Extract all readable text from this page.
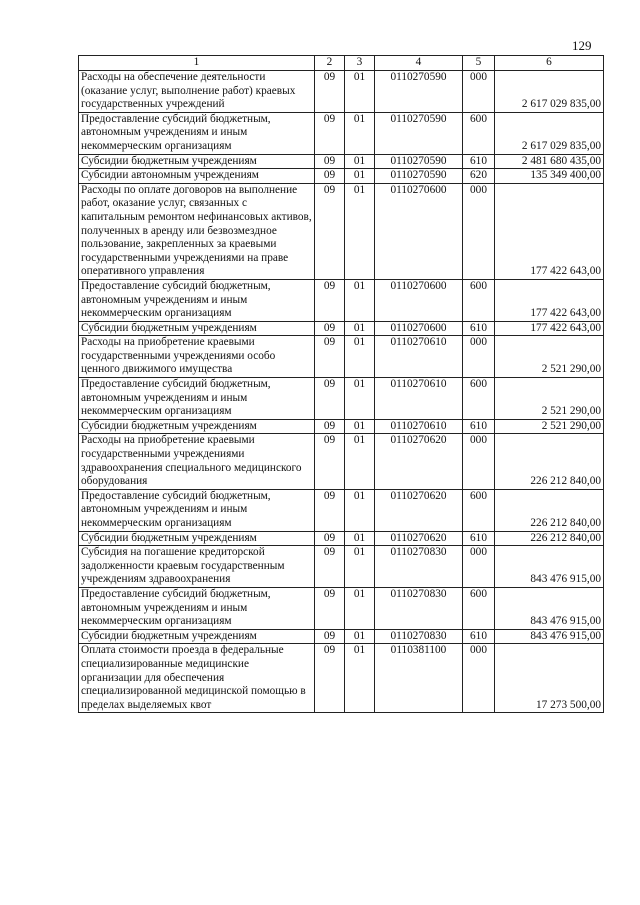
129
1	2	3	4	5	6
Расходы на обеспечение деятельности (оказание услуг, выполнение работ) краевых государственных учреждений	09	01	0110270590	000	2 617 029 835,00
Предоставление субсидий бюджетным, автономным учреждениям и иным некоммерческим организациям	09	01	0110270590	600	2 617 029 835,00
Субсидии бюджетным учреждениям	09	01	0110270590	610	2 481 680 435,00
Субсидии автономным учреждениям	09	01	0110270590	620	135 349 400,00
Расходы по оплате договоров на выполнение работ, оказание услуг, связанных с капитальным ремонтом нефинансовых активов, полученных в аренду или безвозмездное пользование, закрепленных за краевыми государственными учреждениями на праве оперативного управления	09	01	0110270600	000	177 422 643,00
Предоставление субсидий бюджетным, автономным учреждениям и иным некоммерческим организациям	09	01	0110270600	600	177 422 643,00
Субсидии бюджетным учреждениям	09	01	0110270600	610	177 422 643,00
Расходы на приобретение краевыми государственными учреждениями особо ценного движимого имущества	09	01	0110270610	000	2 521 290,00
Предоставление субсидий бюджетным, автономным учреждениям и иным некоммерческим организациям	09	01	0110270610	600	2 521 290,00
Субсидии бюджетным учреждениям	09	01	0110270610	610	2 521 290,00
Расходы на приобретение краевыми государственными учреждениями здравоохранения специального медицинского оборудования	09	01	0110270620	000	226 212 840,00
Предоставление субсидий бюджетным, автономным учреждениям и иным некоммерческим организациям	09	01	0110270620	600	226 212 840,00
Субсидии бюджетным учреждениям	09	01	0110270620	610	226 212 840,00
Субсидия на погашение кредиторской задолженности краевым государственным учреждениям здравоохранения	09	01	0110270830	000	843 476 915,00
Предоставление субсидий бюджетным, автономным учреждениям и иным некоммерческим организациям	09	01	0110270830	600	843 476 915,00
Субсидии бюджетным учреждениям	09	01	0110270830	610	843 476 915,00
Оплата стоимости проезда в федеральные специализированные медицинские организации для обеспечения специализированной медицинской помощью в пределах выделяемых квот	09	01	0110381100	000	17 273 500,00
